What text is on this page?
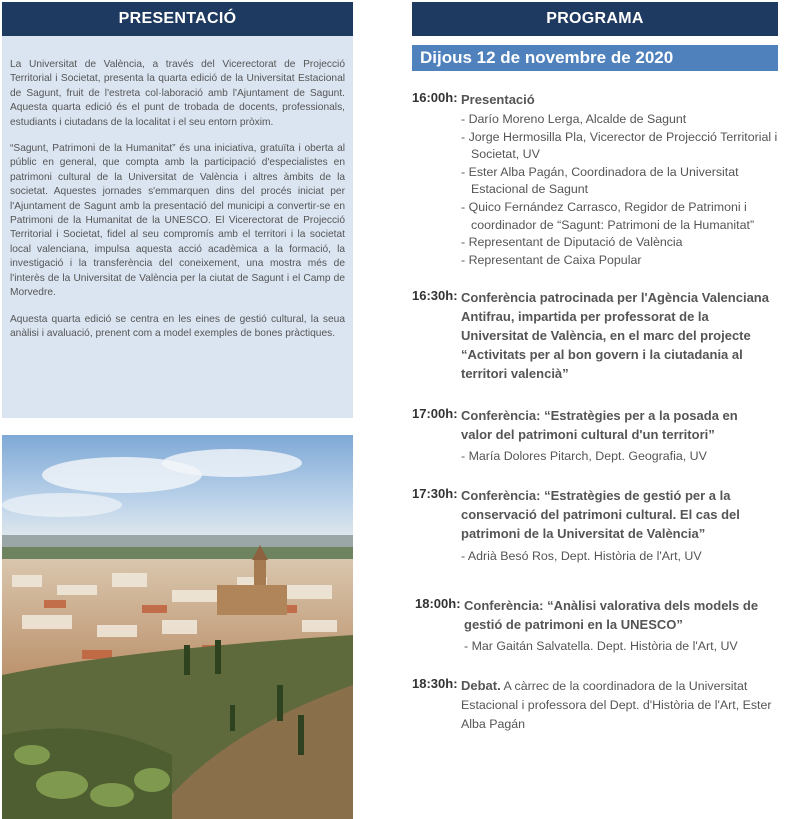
PRESENTACIÓ

La Universitat de València, a través del Vicerectorat de Projecció Territorial i Societat, presenta la quarta edició de la Universitat Estacional de Sagunt, fruit de l'estreta col·laboració amb l'Ajuntament de Sagunt. Aquesta quarta edició és el punt de trobada de docents, professionals, estudiants i ciutadans de la localitat i el seu entorn pròxim.

“Sagunt, Patrimoni de la Humanitat” és una iniciativa, gratuïta i oberta al públic en general, que compta amb la participació d'especialistes en patrimoni cultural de la Universitat de València i altres àmbits de la societat. Aquestes jornades s'emmarquen dins del procés iniciat per l'Ajuntament de Sagunt amb la presentació del municipi a convertir-se en Patrimoni de la Humanitat de la UNESCO. El Vicerectorat de Projecció Territorial i Societat, fidel al seu compromís amb el territori i la societat local valenciana, impulsa aquesta acció acadèmica a la formació, la investigació i la transferència del coneixement, una mostra més de l'interès de la Universitat de València per la ciutat de Sagunt i el Camp de Morvedre.

Aquesta quarta edició se centra en les eines de gestió cultural, la seua anàlisi i avaluació, prenent com a model exemples de bones pràctiques.

PROGRAMA
Dijous 12 de novembre de 2020
16:00h: Presentació
- Darío Moreno Lerga, Alcalde de Sagunt
- Jorge Hermosilla Pla, Vicerector de Projecció Territorial i Societat, UV
- Ester Alba Pagán, Coordinadora de la Universitat Estacional de Sagunt
- Quico Fernández Carrasco, Regidor de Patrimoni i coordinador de “Sagunt: Patrimoni de la Humanitat”
- Representant de Diputació de València
- Representant de Caixa Popular
16:30h: Conferència patrocinada per l'Agència Valenciana Antifrau, impartida per professorat de la Universitat de València, en el marc del projecte “Activitats per al bon govern i la ciutadania al territori valencià”
17:00h: Conferència: “Estratègies per a la posada en valor del patrimoni cultural d'un territori”
- María Dolores Pitarch, Dept. Geografia, UV
17:30h: Conferència: “Estratègies de gestió per a la conservació del patrimoni cultural. El cas del patrimoni de la Universitat de València”
- Adrià Besó Ros, Dept. Història de l'Art, UV
18:00h: Conferència: “Anàlisi valorativa dels models de gestió de patrimoni en la UNESCO”
- Mar Gaitán Salvatella. Dept. Història de l'Art, UV
18:30h: Debat. A càrrec de la coordinadora de la Universitat Estacional i professora del Dept. d'Història de l'Art, Ester Alba Pagán
